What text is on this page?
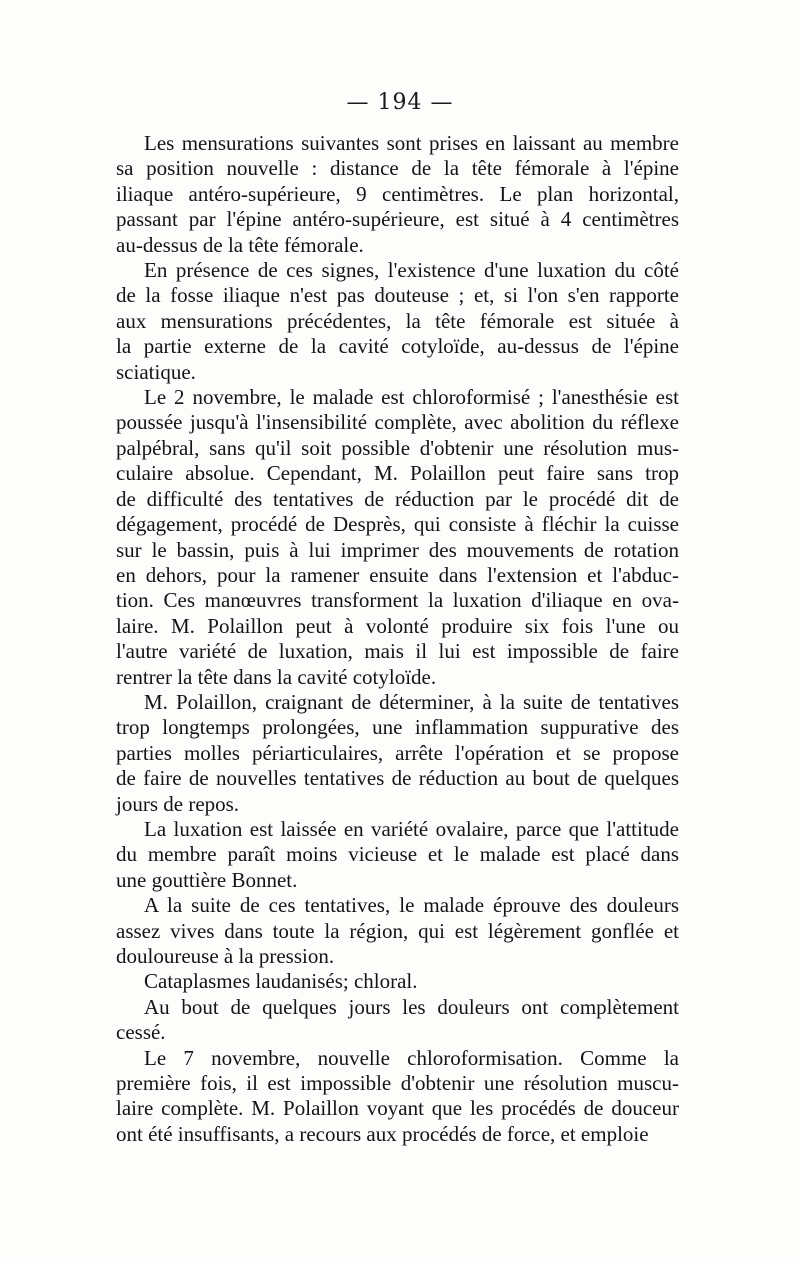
— 194 —
Les mensurations suivantes sont prises en laissant au membre
sa position nouvelle : distance de la tête fémorale à l'épine
iliaque antéro-supérieure, 9 centimètres. Le plan horizontal,
passant par l'épine antéro-supérieure, est situé à 4 centimètres
au-dessus de la tête fémorale.
En présence de ces signes, l'existence d'une luxation du côté
de la fosse iliaque n'est pas douteuse ; et, si l'on s'en rapporte
aux mensurations précédentes, la tête fémorale est située à
la partie externe de la cavité cotyloïde, au-dessus de l'épine
sciatique.
Le 2 novembre, le malade est chloroformisé ; l'anesthésie est
poussée jusqu'à l'insensibilité complète, avec abolition du réflexe
palpébral, sans qu'il soit possible d'obtenir une résolution mus-
culaire absolue. Cependant, M. Polaillon peut faire sans trop
de difficulté des tentatives de réduction par le procédé dit de
dégagement, procédé de Desprès, qui consiste à fléchir la cuisse
sur le bassin, puis à lui imprimer des mouvements de rotation
en dehors, pour la ramener ensuite dans l'extension et l'abduc-
tion. Ces manœuvres transforment la luxation d'iliaque en ova-
laire. M. Polaillon peut à volonté produire six fois l'une ou
l'autre variété de luxation, mais il lui est impossible de faire
rentrer la tête dans la cavité cotyloïde.
M. Polaillon, craignant de déterminer, à la suite de tentatives
trop longtemps prolongées, une inflammation suppurative des
parties molles périarticulaires, arrête l'opération et se propose
de faire de nouvelles tentatives de réduction au bout de quelques
jours de repos.
La luxation est laissée en variété ovalaire, parce que l'attitude
du membre paraît moins vicieuse et le malade est placé dans
une gouttière Bonnet.
A la suite de ces tentatives, le malade éprouve des douleurs
assez vives dans toute la région, qui est légèrement gonflée et
douloureuse à la pression.
Cataplasmes laudanisés; chloral.
Au bout de quelques jours les douleurs ont complètement
cessé.
Le 7 novembre, nouvelle chloroformisation. Comme la
première fois, il est impossible d'obtenir une résolution muscu-
laire complète. M. Polaillon voyant que les procédés de douceur
ont été insuffisants, a recours aux procédés de force, et emploie
